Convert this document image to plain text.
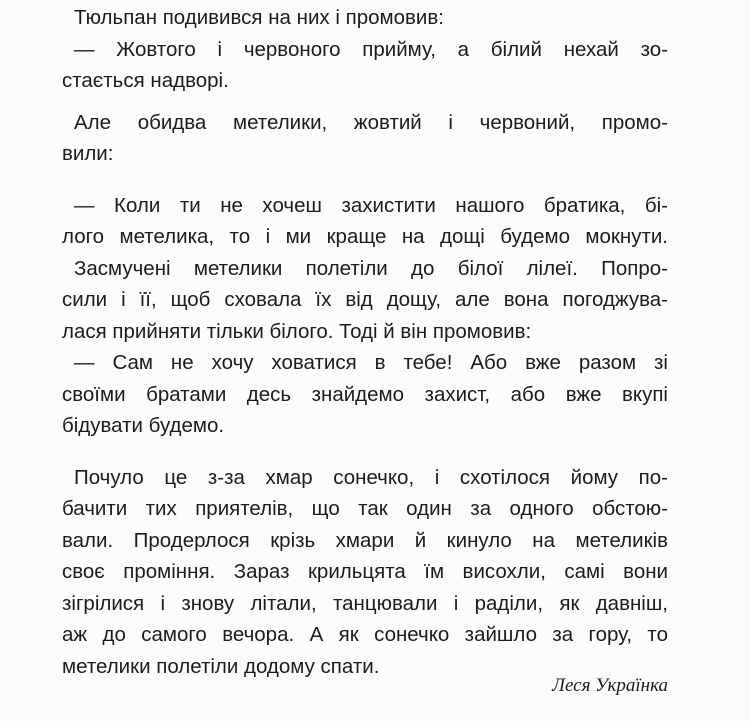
Тюльпан подивився на них і промовив:
— Жовтого і червоного прийму, а білий нехай зо-
стається надворі.
Але обидва метелики, жовтий і червоний, промо-
вили:
— Коли ти не хочеш захистити нашого братика, бі-
лого метелика, то і ми краще на дощі будемо мокнути.
Засмучені метелики полетіли до білої лілеї. Попро-
сили і її, щоб сховала їх від дощу, але вона погоджува-
лася прийняти тільки білого. Тоді й він промовив:
— Сам не хочу ховатися в тебе! Або вже разом зі
своїми братами десь знайдемо захист, або вже вкупі
бідувати будемо.
Почуло це з-за хмар сонечко, і схотілося йому по-
бачити тих приятелів, що так один за одного обстою-
вали. Продерлося крізь хмари й кинуло на метеликів
своє проміння. Зараз крильцята їм висохли, самі вони
зігрілися і знову літали, танцювали і раділи, як давніш,
аж до самого вечора. А як сонечко зайшло за гору, то
метелики полетіли додому спати.
Леся Українка
